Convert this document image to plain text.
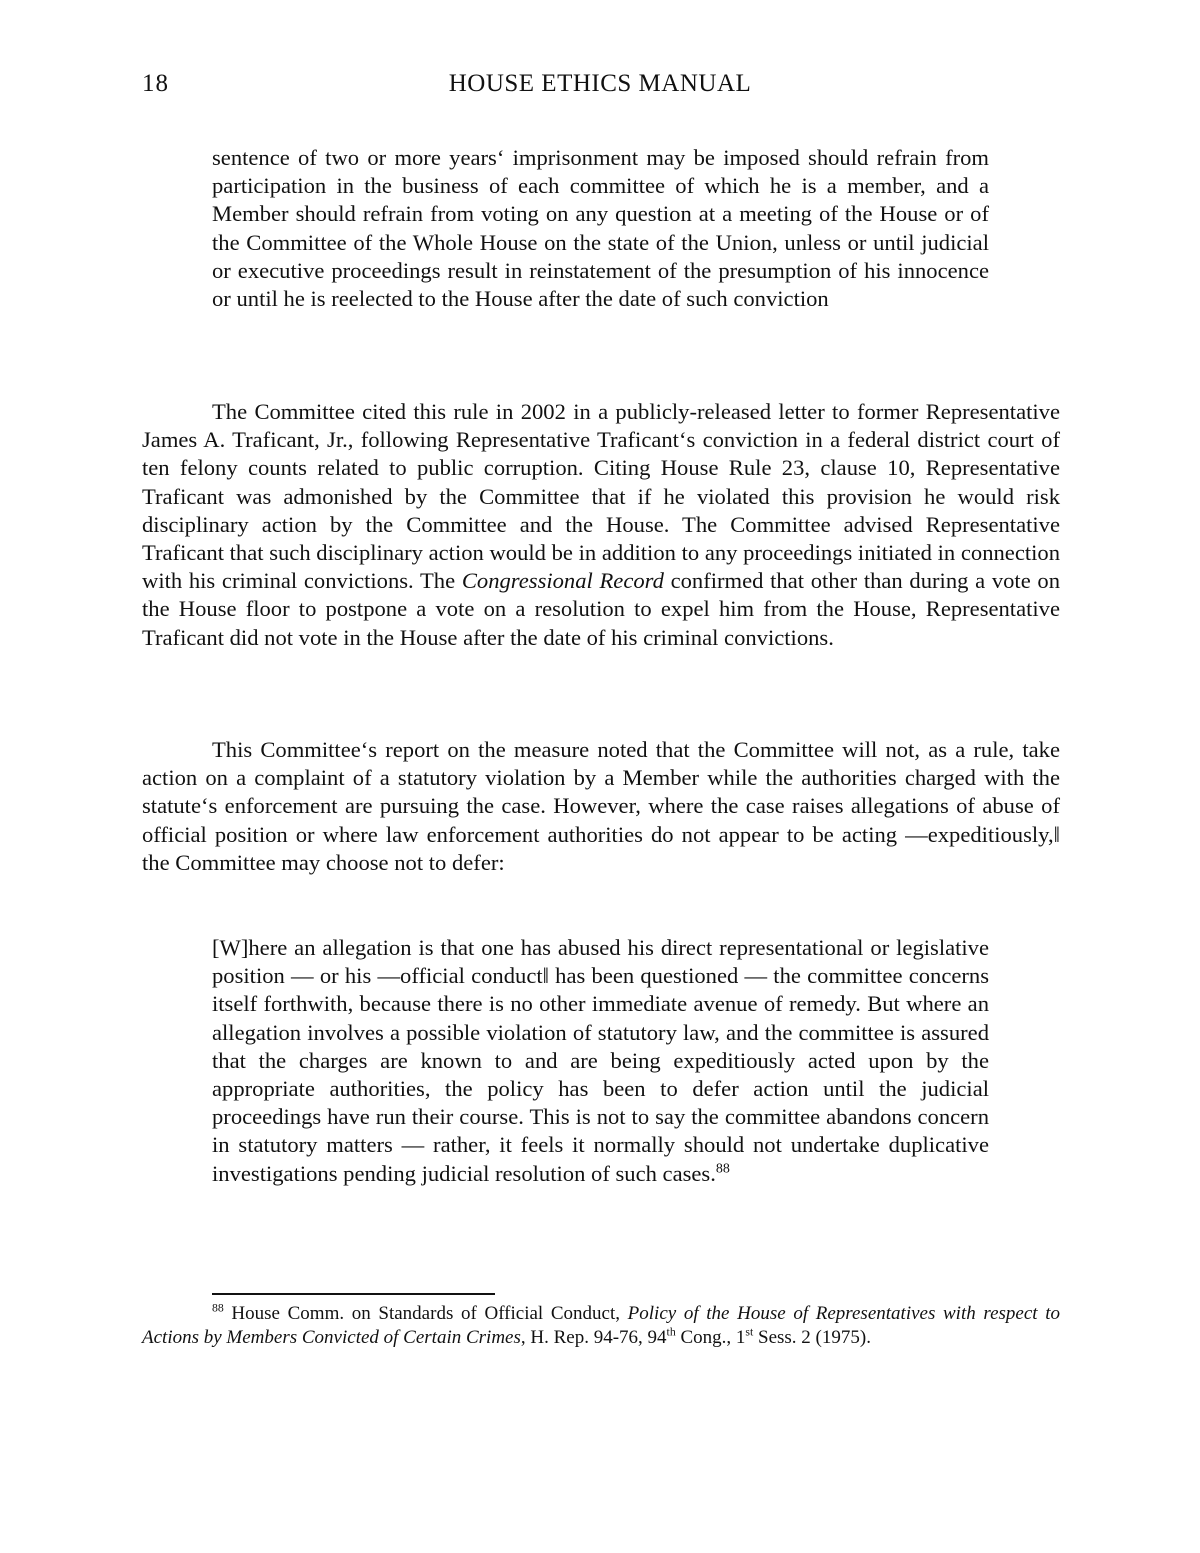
18	HOUSE ETHICS MANUAL

sentence of two or more years‘ imprisonment may be imposed should refrain from participation in the business of each committee of which he is a member, and a Member should refrain from voting on any question at a meeting of the House or of the Committee of the Whole House on the state of the Union, unless or until judicial or executive proceedings result in reinstatement of the presumption of his innocence or until he is reelected to the House after the date of such conviction

The Committee cited this rule in 2002 in a publicly-released letter to former Representative James A. Traficant, Jr., following Representative Traficant‘s conviction in a federal district court of ten felony counts related to public corruption. Citing House Rule 23, clause 10, Representative Traficant was admonished by the Committee that if he violated this provision he would risk disciplinary action by the Committee and the House. The Committee advised Representative Traficant that such disciplinary action would be in addition to any proceedings initiated in connection with his criminal convictions. The Congressional Record confirmed that other than during a vote on the House floor to postpone a vote on a resolution to expel him from the House, Representative Traficant did not vote in the House after the date of his criminal convictions.

This Committee‘s report on the measure noted that the Committee will not, as a rule, take action on a complaint of a statutory violation by a Member while the authorities charged with the statute‘s enforcement are pursuing the case. However, where the case raises allegations of abuse of official position or where law enforcement authorities do not appear to be acting ―expeditiously,‖ the Committee may choose not to defer:

[W]here an allegation is that one has abused his direct representational or legislative position — or his ―official conduct‖ has been questioned — the committee concerns itself forthwith, because there is no other immediate avenue of remedy. But where an allegation involves a possible violation of statutory law, and the committee is assured that the charges are known to and are being expeditiously acted upon by the appropriate authorities, the policy has been to defer action until the judicial proceedings have run their course. This is not to say the committee abandons concern in statutory matters — rather, it feels it normally should not undertake duplicative investigations pending judicial resolution of such cases.$^{88}$

$^{88}$ House Comm. on Standards of Official Conduct, Policy of the House of Representatives with respect to Actions by Members Convicted of Certain Crimes, H. Rep. 94-76, 94th Cong., 1st Sess. 2 (1975).
